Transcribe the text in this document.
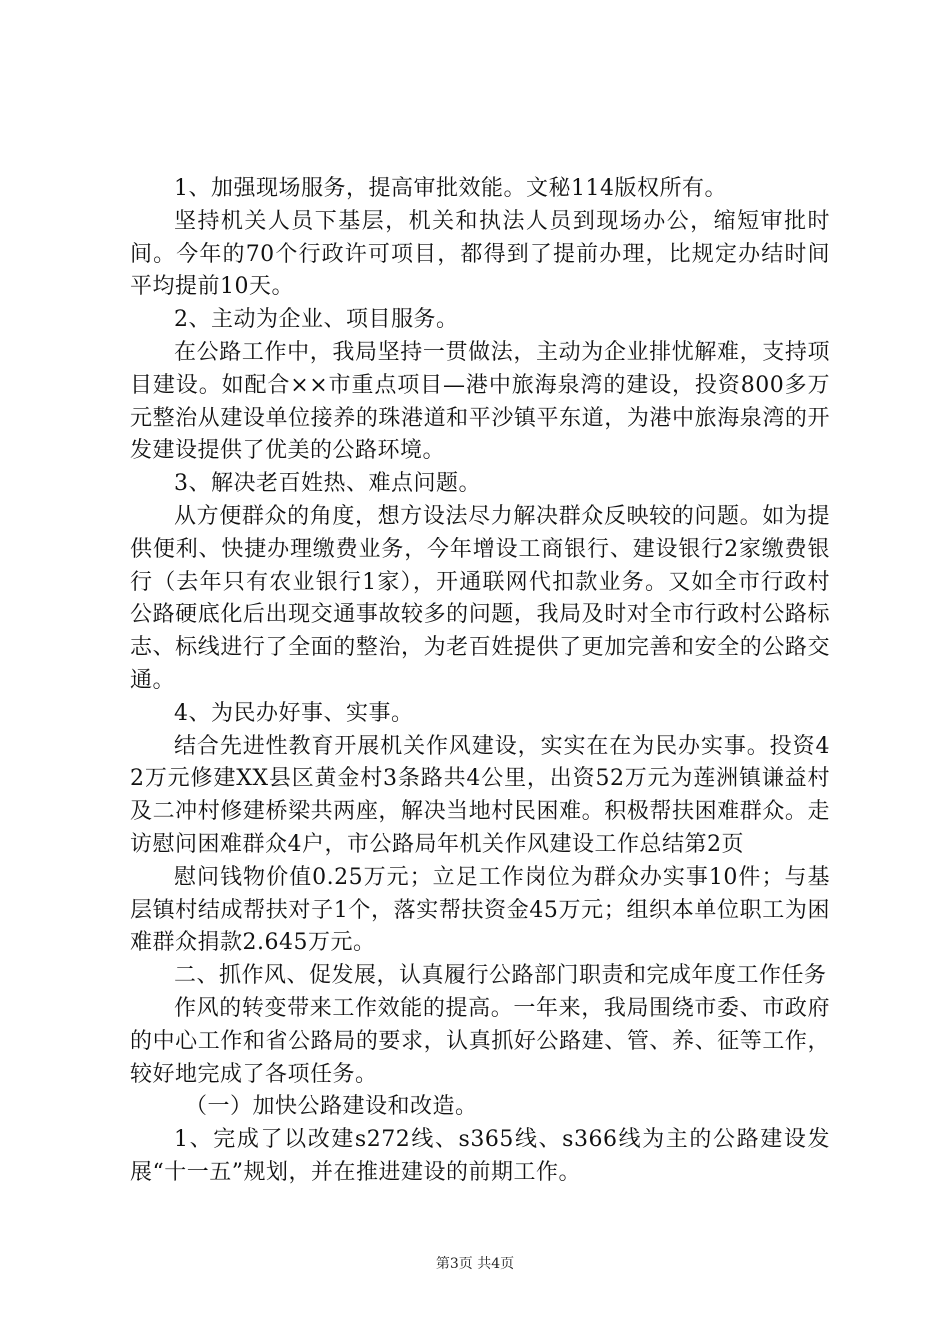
1、加强现场服务，提高审批效能。文秘114版权所有。

坚持机关人员下基层，机关和执法人员到现场办公，缩短审批时间。今年的70个行政许可项目，都得到了提前办理，比规定办结时间平均提前10天。

2、主动为企业、项目服务。

在公路工作中，我局坚持一贯做法，主动为企业排忧解难，支持项目建设。如配合××市重点项目—港中旅海泉湾的建设，投资800多万元整治从建设单位接养的珠港道和平沙镇平东道，为港中旅海泉湾的开发建设提供了优美的公路环境。

3、解决老百姓热、难点问题。

从方便群众的角度，想方设法尽力解决群众反映较的问题。如为提供便利、快捷办理缴费业务，今年增设工商银行、建设银行2家缴费银行（去年只有农业银行1家），开通联网代扣款业务。又如全市行政村公路硬底化后出现交通事故较多的问题，我局及时对全市行政村公路标志、标线进行了全面的整治，为老百姓提供了更加完善和安全的公路交通。

4、为民办好事、实事。

结合先进性教育开展机关作风建设，实实在在为民办实事。投资42万元修建XX县区黄金村3条路共4公里，出资52万元为莲洲镇谦益村及二冲村修建桥梁共两座，解决当地村民困难。积极帮扶困难群众。走访慰问困难群众4户，市公路局年机关作风建设工作总结第2页

慰问钱物价值0.25万元；立足工作岗位为群众办实事10件；与基层镇村结成帮扶对子1个，落实帮扶资金45万元；组织本单位职工为困难群众捐款2.645万元。

二、抓作风、促发展，认真履行公路部门职责和完成年度工作任务

作风的转变带来工作效能的提高。一年来，我局围绕市委、市政府的中心工作和省公路局的要求，认真抓好公路建、管、养、征等工作，较好地完成了各项任务。

（一）加快公路建设和改造。

1、完成了以改建s272线、s365线、s366线为主的公路建设发展“十一五”规划，并在推进建设的前期工作。

第3页 共4页
